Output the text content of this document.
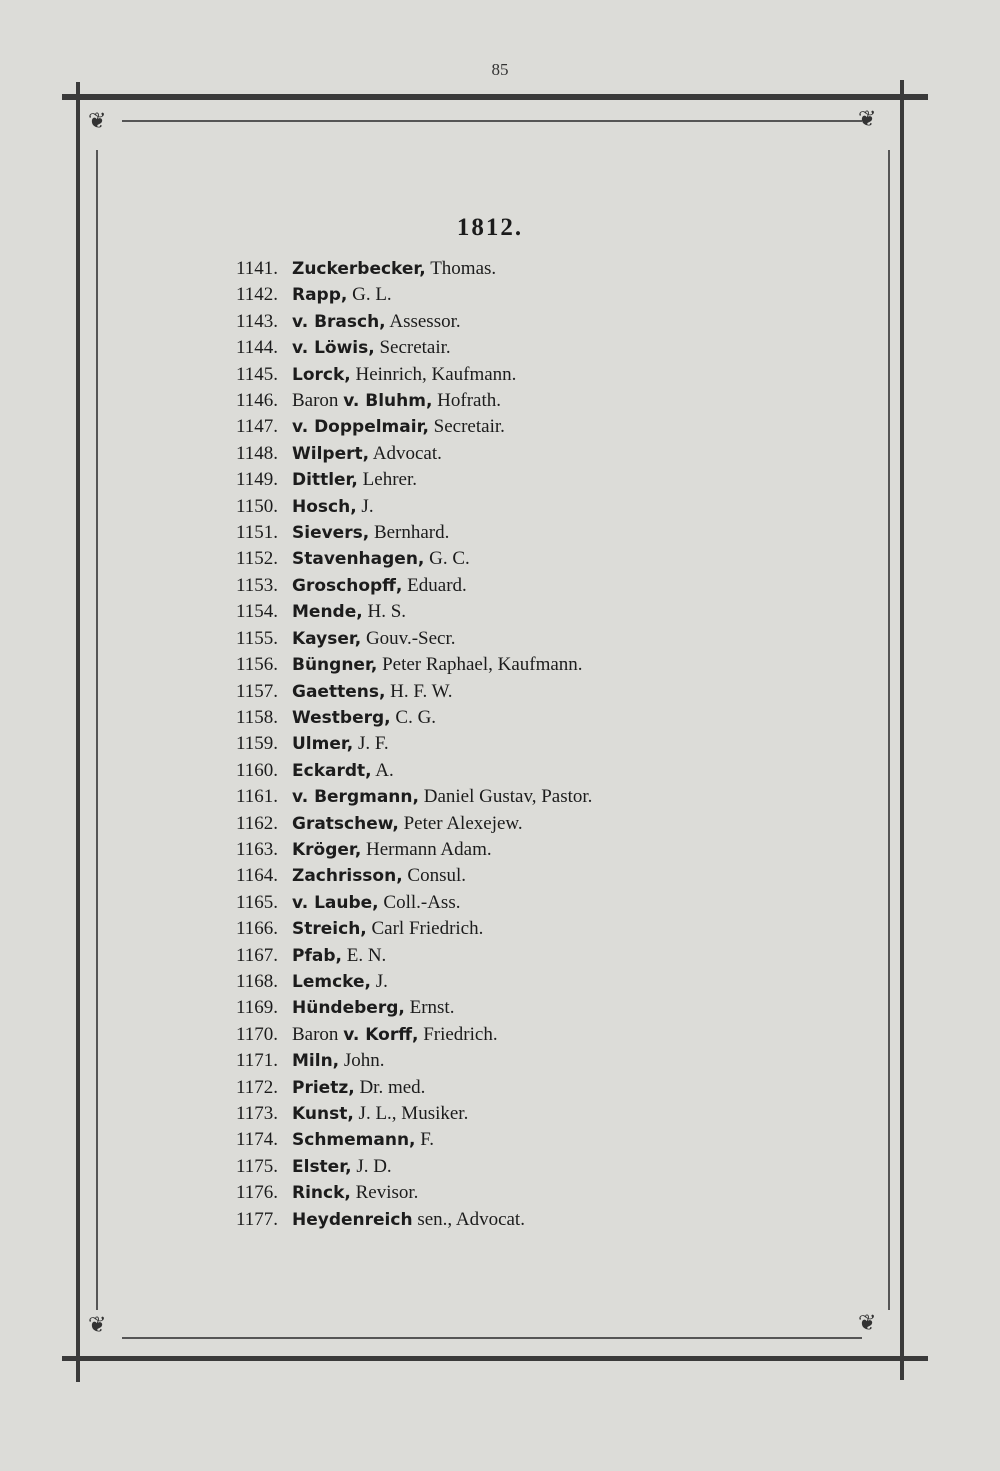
85
❦	❦
❦	❦
1812.
1141. Zuckerbecker, Thomas.
1142. Rapp, G. L.
1143. v. Brasch, Assessor.
1144. v. Löwis, Secretair.
1145. Lorck, Heinrich, Kaufmann.
1146. Baron v. Bluhm, Hofrath.
1147. v. Doppelmair, Secretair.
1148. Wilpert, Advocat.
1149. Dittler, Lehrer.
1150. Hosch, J.
1151. Sievers, Bernhard.
1152. Stavenhagen, G. C.
1153. Groschopff, Eduard.
1154. Mende, H. S.
1155. Kayser, Gouv.-Secr.
1156. Büngner, Peter Raphael, Kaufmann.
1157. Gaettens, H. F. W.
1158. Westberg, C. G.
1159. Ulmer, J. F.
1160. Eckardt, A.
1161. v. Bergmann, Daniel Gustav, Pastor.
1162. Gratschew, Peter Alexejew.
1163. Kröger, Hermann Adam.
1164. Zachrisson, Consul.
1165. v. Laube, Coll.-Ass.
1166. Streich, Carl Friedrich.
1167. Pfab, E. N.
1168. Lemcke, J.
1169. Hündeberg, Ernst.
1170. Baron v. Korff, Friedrich.
1171. Miln, John.
1172. Prietz, Dr. med.
1173. Kunst, J. L., Musiker.
1174. Schmemann, F.
1175. Elster, J. D.
1176. Rinck, Revisor.
1177. Heydenreich sen., Advocat.
